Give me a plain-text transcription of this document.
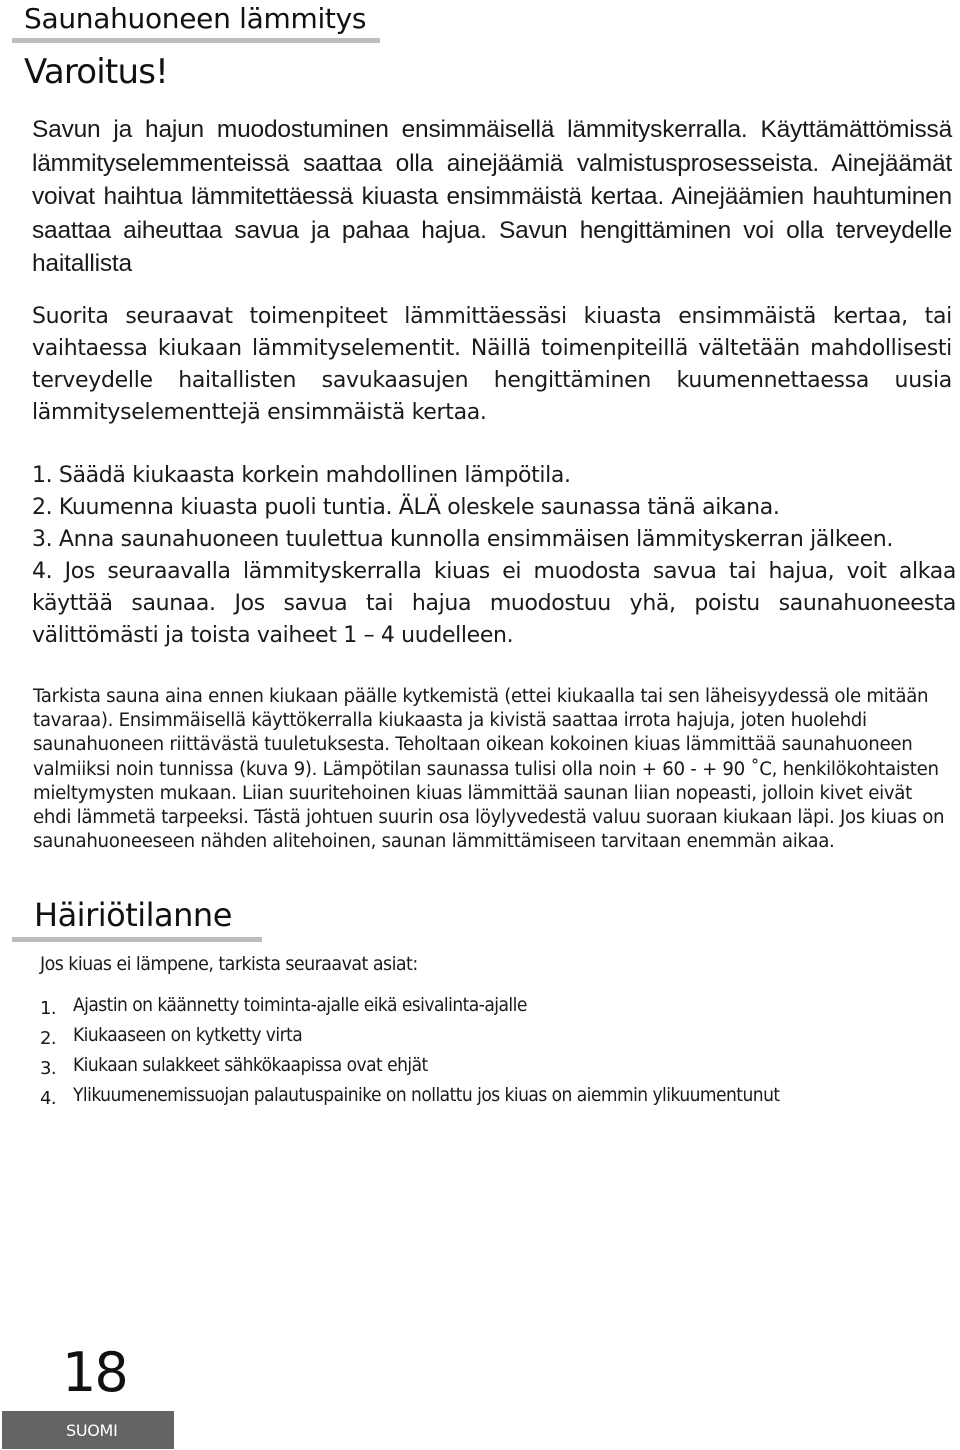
Saunahuoneen lämmitys
Varoitus!
Savun ja hajun muodostuminen ensimmäisellä lämmityskerralla. Käyttämättömissä lämmityselemmenteissä saattaa olla ainejäämiä valmistusprosesseista. Ainejäämät voivat haihtua lämmitettäessä kiuasta ensimmäistä kertaa. Ainejäämien hauhtuminen saattaa aiheuttaa savua ja pahaa hajua. Savun hengittäminen voi olla terveydelle haitallista
Suorita seuraavat toimenpiteet lämmittäessäsi kiuasta ensimmäistä kertaa, tai vaihtaessa kiukaan lämmityselementit. Näillä toimenpiteillä vältetään mahdollisesti terveydelle haitallisten savukaasujen hengittäminen kuumennettaessa uusia lämmityselementtejä ensimmäistä kertaa.
1. Säädä kiukaasta korkein mahdollinen lämpötila.
2. Kuumenna kiuasta puoli tuntia. ÄLÄ oleskele saunassa tänä aikana.
3. Anna saunahuoneen tuulettua kunnolla ensimmäisen lämmityskerran jälkeen.
4. Jos seuraavalla lämmityskerralla kiuas ei muodosta savua tai hajua, voit alkaa käyttää saunaa. Jos savua tai hajua muodostuu yhä, poistu saunahuoneesta välittömästi ja toista vaiheet 1 – 4 uudelleen.
Tarkista sauna aina ennen kiukaan päälle kytkemistä (ettei kiukaalla tai sen läheisyydessä ole mitään tavaraa). Ensimmäisellä käyttökerralla kiukaasta ja kivistä saattaa irrota hajuja, joten huolehdi saunahuoneen riittävästä tuuletuksesta. Teholtaan oikean kokoinen kiuas lämmittää saunahuoneen valmiiksi noin tunnissa (kuva 9). Lämpötilan saunassa tulisi olla noin + 60 - + 90 ˚C, henkilökohtaisten mieltymysten mukaan. Liian suuritehoinen kiuas lämmittää saunan liian nopeasti, jolloin kivet eivät ehdi lämmetä tarpeeksi. Tästä johtuen suurin osa löylyvedestä valuu suoraan kiukaan läpi. Jos kiuas on saunahuoneeseen nähden alitehoinen, saunan lämmittämiseen tarvitaan enemmän aikaa.
Häiriötilanne
Jos kiuas ei lämpene, tarkista seuraavat asiat:
1. Ajastin on käännetty toiminta-ajalle eikä esivalinta-ajalle
2. Kiukaaseen on kytketty virta
3. Kiukaan sulakkeet sähkökaapissa ovat ehjät
4. Ylikuumenemissuojan palautuspainike on nollattu jos kiuas on aiemmin ylikuumentunut
18
SUOMI
